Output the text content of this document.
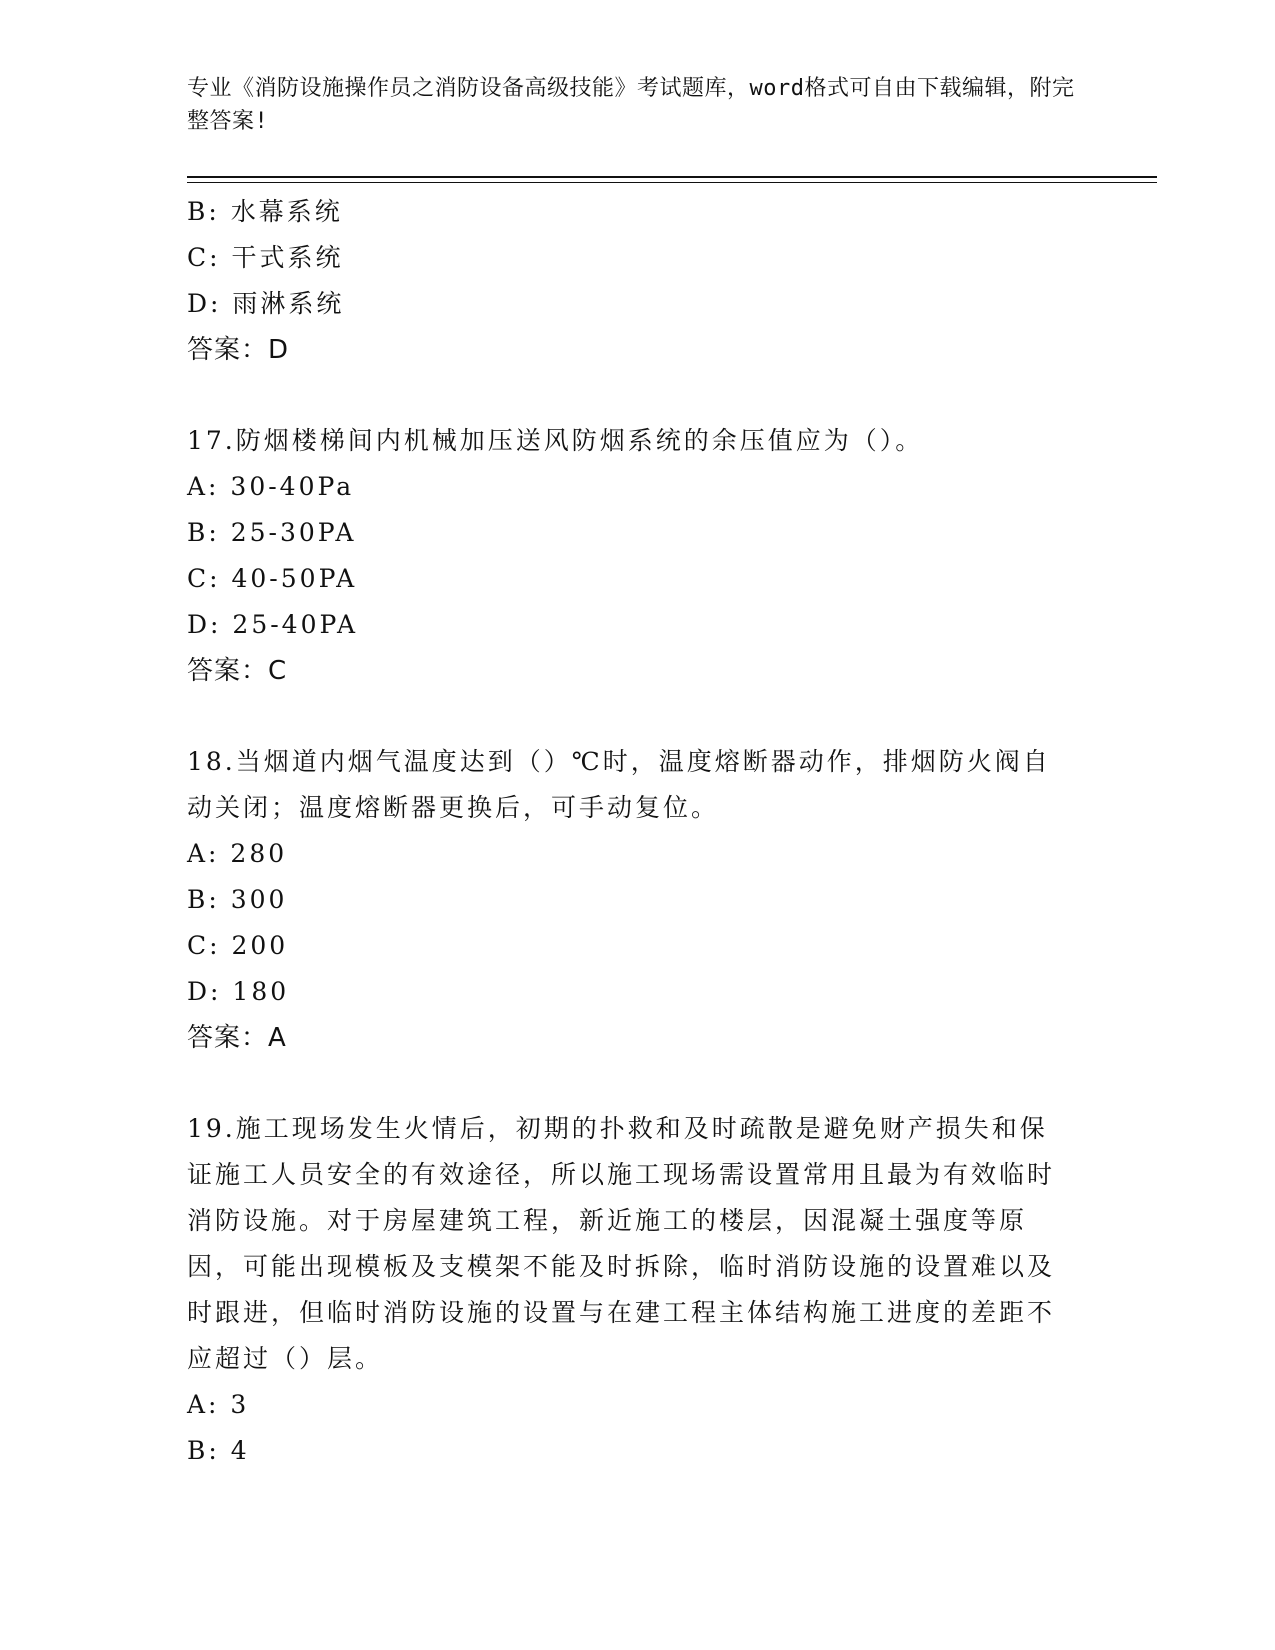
专业《消防设施操作员之消防设备高级技能》考试题库，word格式可自由下载编辑，附完整答案!
B: 水幕系统
C: 干式系统
D: 雨淋系统
答案：D
17.防烟楼梯间内机械加压送风防烟系统的余压值应为（）。
A: 30-40Pa
B: 25-30PA
C: 40-50PA
D: 25-40PA
答案：C
18.当烟道内烟气温度达到（）℃时，温度熔断器动作，排烟防火阀自动关闭；温度熔断器更换后，可手动复位。
A: 280
B: 300
C: 200
D: 180
答案：A
19.施工现场发生火情后，初期的扑救和及时疏散是避免财产损失和保证施工人员安全的有效途径，所以施工现场需设置常用且最为有效临时消防设施。对于房屋建筑工程，新近施工的楼层，因混凝土强度等原因，可能出现模板及支模架不能及时拆除，临时消防设施的设置难以及时跟进，但临时消防设施的设置与在建工程主体结构施工进度的差距不应超过（）层。
A: 3
B: 4
